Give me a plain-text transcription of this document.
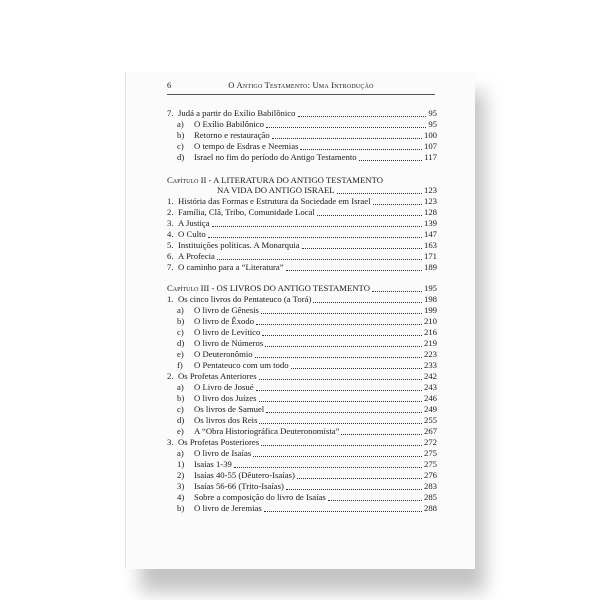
6	O Antigo Testamento: Uma Introdução
7. Judá a partir do Exílio Babilônico	95
a) O Exílio Babilônico	95
b) Retorno e restauração	100
c) O tempo de Esdras e Neemias	107
d) Israel no fim do período do Antigo Testamento	117
Capítulo II - A LITERATURA DO ANTIGO TESTAMENTO
NA VIDA DO ANTIGO ISRAEL	123
1. História das Formas e Estrutura da Sociedade em Israel	123
2. Família, Clã, Tribo, Comunidade Local	128
3. A Justiça	139
4. O Culto	147
5. Instituições políticas. A Monarquia	163
6. A Profecia	171
7. O caminho para a “Literatura”	189
Capítulo III - OS LIVROS DO ANTIGO TESTAMENTO	195
1. Os cinco livros do Pentateuco (a Torá)	198
a) O livro de Gênesis	199
b) O livro de Êxodo	210
c) O livro de Levítico	216
d) O livro de Números	219
e) O Deuteronômio	223
f) O Pentateuco com um todo	233
2. Os Profetas Anteriores	242
a) O Livro de Josué	243
b) O livro dos Juízes	246
c) Os livros de Samuel	249
d) Os livros dos Reis	255
e) A “Obra Historiográfica Deuteronomista”	267
3. Os Profetas Posteriores	272
a) O livro de Isaías	275
1) Isaías 1-39	275
2) Isaías 40-55 (Dêutero-Isaías)	276
3) Isaías 56-66 (Trito-Isaías)	283
4) Sobre a composição do livro de Isaías	285
b) O livro de Jeremias	288
